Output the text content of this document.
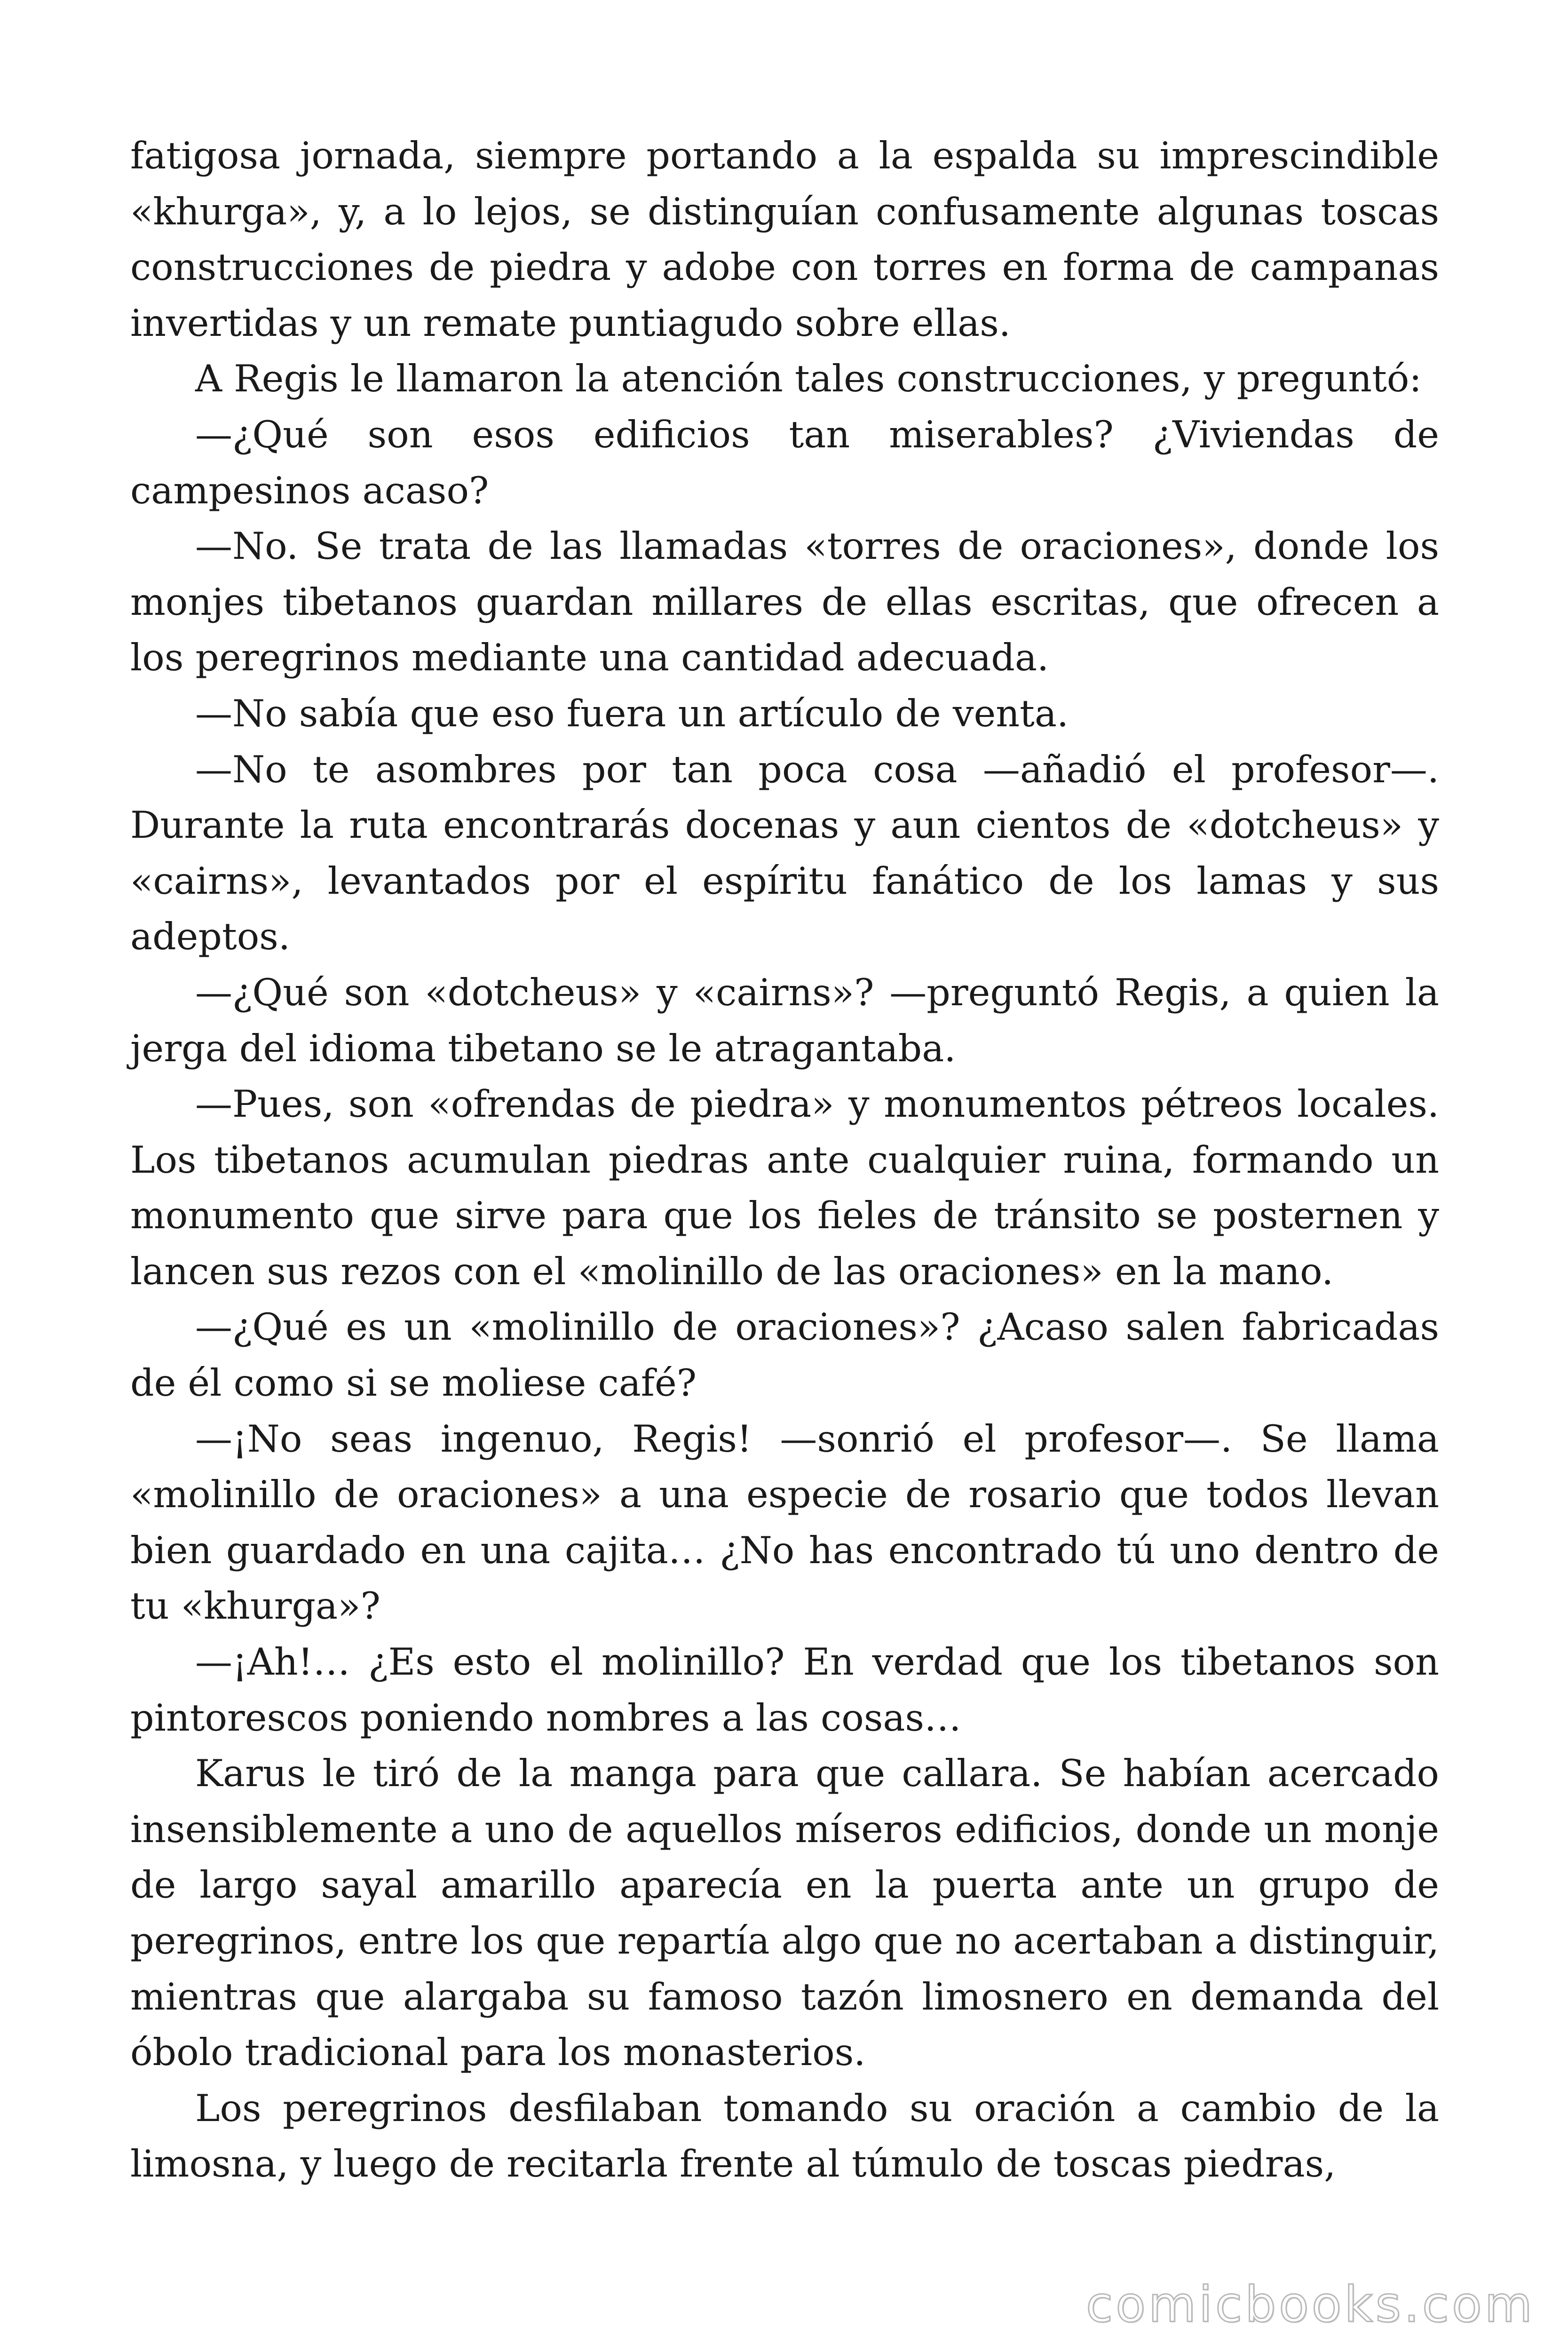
fatigosa jornada, siempre portando a la espalda su imprescindible «khurga», y, a lo lejos, se distinguían confusamente algunas toscas construcciones de piedra y adobe con torres en forma de campanas invertidas y un remate puntiagudo sobre ellas.

A Regis le llamaron la atención tales construcciones, y preguntó:

—¿Qué son esos edificios tan miserables? ¿Viviendas de campesinos acaso?

—No. Se trata de las llamadas «torres de oraciones», donde los monjes tibetanos guardan millares de ellas escritas, que ofrecen a los peregrinos mediante una cantidad adecuada.

—No sabía que eso fuera un artículo de venta.

—No te asombres por tan poca cosa —añadió el profesor—. Durante la ruta encontrarás docenas y aun cientos de «dotcheus» y «cairns», levantados por el espíritu fanático de los lamas y sus adeptos.

—¿Qué son «dotcheus» y «cairns»? —preguntó Regis, a quien la jerga del idioma tibetano se le atragantaba.

—Pues, son «ofrendas de piedra» y monumentos pétreos locales. Los tibetanos acumulan piedras ante cualquier ruina, formando un monumento que sirve para que los fieles de tránsito se posternen y lancen sus rezos con el «molinillo de las oraciones» en la mano.

—¿Qué es un «molinillo de oraciones»? ¿Acaso salen fabricadas de él como si se moliese café?

—¡No seas ingenuo, Regis! —sonrió el profesor—. Se llama «molinillo de oraciones» a una especie de rosario que todos llevan bien guardado en una cajita… ¿No has encontrado tú uno dentro de tu «khurga»?

—¡Ah!… ¿Es esto el molinillo? En verdad que los tibetanos son pintorescos poniendo nombres a las cosas…

Karus le tiró de la manga para que callara. Se habían acercado insensiblemente a uno de aquellos míseros edificios, donde un monje de largo sayal amarillo aparecía en la puerta ante un grupo de peregrinos, entre los que repartía algo que no acertaban a distinguir, mientras que alargaba su famoso tazón limosnero en demanda del óbolo tradicional para los monasterios.

Los peregrinos desfilaban tomando su oración a cambio de la limosna, y luego de recitarla frente al túmulo de toscas piedras,

comicbooks.com
